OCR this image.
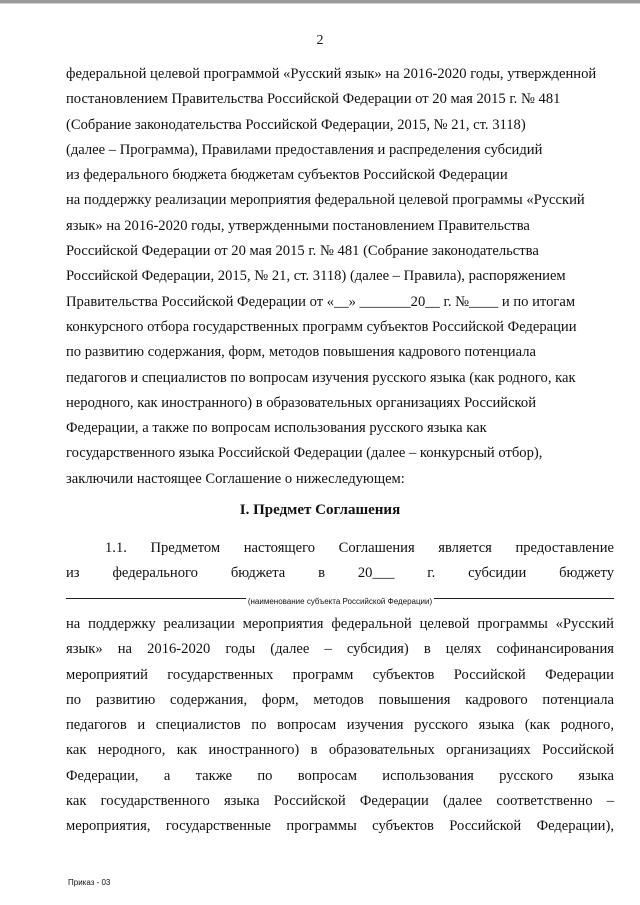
2
федеральной целевой программой «Русский язык» на 2016-2020 годы, утвержденной
постановлением Правительства Российской Федерации от 20 мая 2015 г. № 481
(Собрание законодательства Российской Федерации, 2015, № 21, ст. 3118)
(далее – Программа), Правилами предоставления и распределения субсидий
из федерального бюджета бюджетам субъектов Российской Федерации
на поддержку реализации мероприятия федеральной целевой программы «Русский
язык» на 2016-2020 годы, утвержденными постановлением Правительства
Российской Федерации от 20 мая 2015 г. № 481 (Собрание законодательства
Российской Федерации, 2015, № 21, ст. 3118) (далее – Правила), распоряжением
Правительства Российской Федерации от «__» _______20__ г. №____ и по итогам
конкурсного отбора государственных программ субъектов Российской Федерации
по развитию содержания, форм, методов повышения кадрового потенциала
педагогов и специалистов по вопросам изучения русского языка (как родного, как
неродного, как иностранного) в образовательных организациях Российской
Федерации, а также по вопросам использования русского языка как
государственного языка Российской Федерации (далее – конкурсный отбор),
заключили настоящее Соглашение о нижеследующем:
I. Предмет Соглашения
1.1. Предметом настоящего Соглашения является предоставление
из федерального бюджета в 20___ г. субсидии бюджету
(наименование субъекта Российской Федерации)
на поддержку реализации мероприятия федеральной целевой программы «Русский
язык» на 2016-2020 годы (далее – субсидия) в целях софинансирования
мероприятий государственных программ субъектов Российской Федерации
по развитию содержания, форм, методов повышения кадрового потенциала
педагогов и специалистов по вопросам изучения русского языка (как родного,
как неродного, как иностранного) в образовательных организациях Российской
Федерации, а также по вопросам использования русского языка
как государственного языка Российской Федерации (далее соответственно –
мероприятия, государственные программы субъектов Российской Федерации),
Приказ - 03
